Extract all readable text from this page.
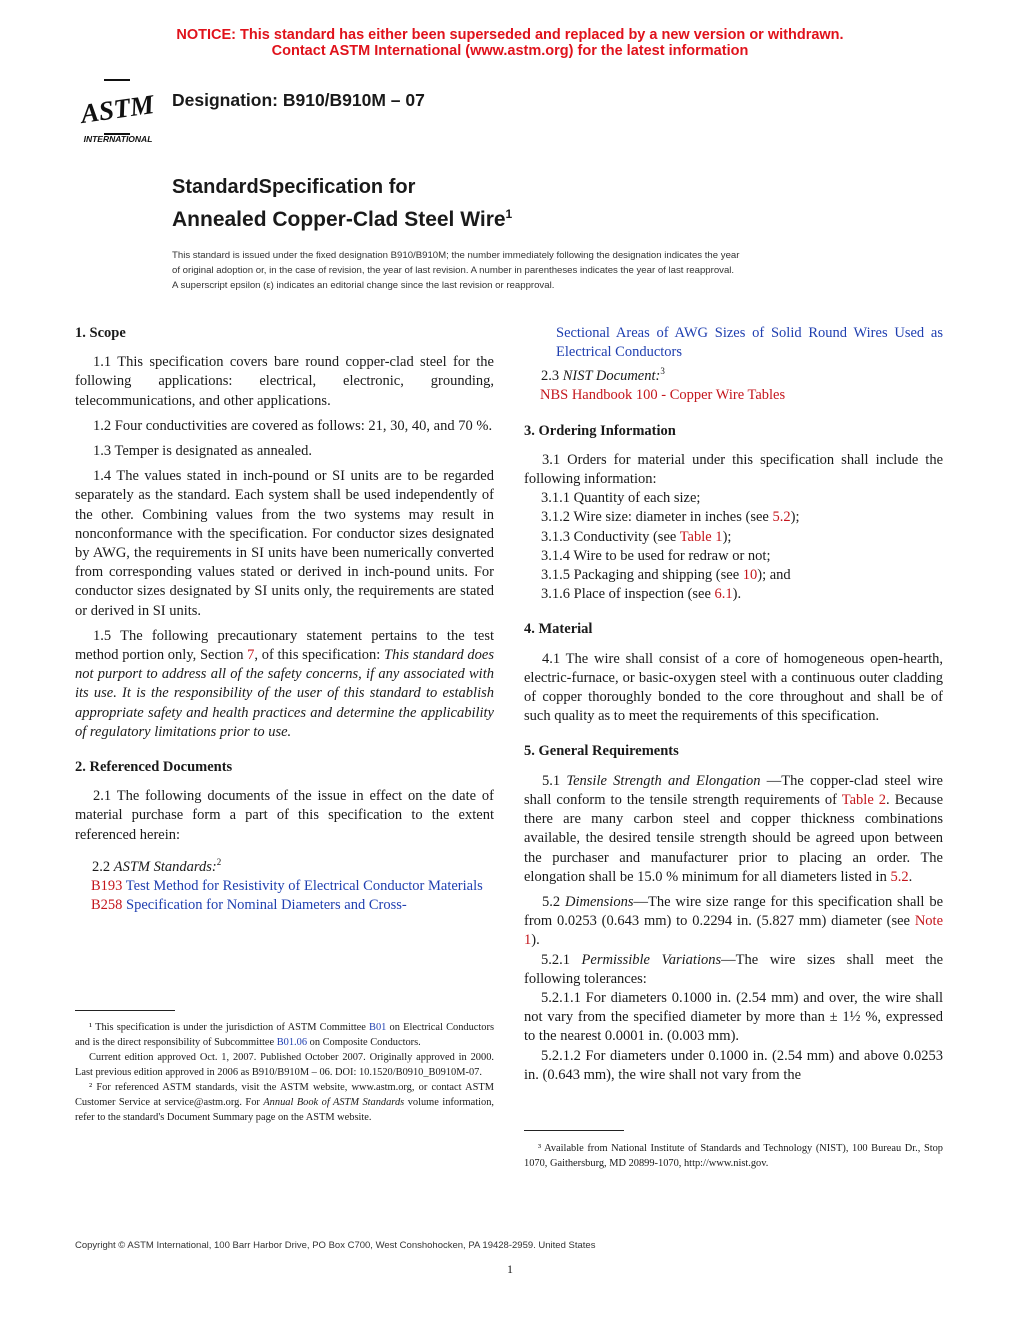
NOTICE: This standard has either been superseded and replaced by a new version or withdrawn.
Contact ASTM International (www.astm.org) for the latest information
ASTM
INTERNATIONAL
Designation: B910/B910M – 07
StandardSpecification for
Annealed Copper-Clad Steel Wire$^1$
This standard is issued under the fixed designation B910/B910M; the number immediately following the designation indicates the year
of original adoption or, in the case of revision, the year of last revision. A number in parentheses indicates the year of last reapproval.
A superscript epsilon (ε) indicates an editorial change since the last revision or reapproval.

1. Scope

1.1 This specification covers bare round copper-clad steel for the following applications: electrical, electronic, grounding, telecommunications, and other applications.

1.2 Four conductivities are covered as follows: 21, 30, 40, and 70 %.

1.3 Temper is designated as annealed.

1.4 The values stated in inch-pound or SI units are to be regarded separately as the standard. Each system shall be used independently of the other. Combining values from the two systems may result in nonconformance with the specification. For conductor sizes designated by AWG, the requirements in SI units have been numerically converted from corresponding values stated or derived in inch-pound units. For conductor sizes designated by SI units only, the requirements are stated or derived in SI units.

1.5 The following precautionary statement pertains to the test method portion only, Section 7, of this specification: This standard does not purport to address all of the safety concerns, if any associated with its use. It is the responsibility of the user of this standard to establish appropriate safety and health practices and determine the applicability of regulatory limitations prior to use.

2. Referenced Documents

2.1 The following documents of the issue in effect on the date of material purchase form a part of this specification to the extent referenced herein:

2.2 ASTM Standards:$^2$

B193 Test Method for Resistivity of Electrical Conductor Materials

B258 Specification for Nominal Diameters and Cross-

¹ This specification is under the jurisdiction of ASTM Committee B01 on Electrical Conductors and is the direct responsibility of Subcommittee B01.06 on Composite Conductors.

Current edition approved Oct. 1, 2007. Published October 2007. Originally approved in 2000. Last previous edition approved in 2006 as B910/B910M – 06. DOI: 10.1520/B0910_B0910M-07.

² For referenced ASTM standards, visit the ASTM website, www.astm.org, or contact ASTM Customer Service at service@astm.org. For Annual Book of ASTM Standards volume information, refer to the standard's Document Summary page on the ASTM website.

Sectional Areas of AWG Sizes of Solid Round Wires Used as Electrical Conductors

2.3 NIST Document:$^3$

NBS Handbook 100 - Copper Wire Tables

3. Ordering Information

3.1 Orders for material under this specification shall include the following information:

3.1.1 Quantity of each size;

3.1.2 Wire size: diameter in inches (see 5.2);

3.1.3 Conductivity (see Table 1);

3.1.4 Wire to be used for redraw or not;

3.1.5 Packaging and shipping (see 10); and

3.1.6 Place of inspection (see 6.1).

4. Material

4.1 The wire shall consist of a core of homogeneous open-hearth, electric-furnace, or basic-oxygen steel with a continuous outer cladding of copper thoroughly bonded to the core throughout and shall be of such quality as to meet the requirements of this specification.

5. General Requirements

5.1 Tensile Strength and Elongation —The copper-clad steel wire shall conform to the tensile strength requirements of Table 2. Because there are many carbon steel and copper thickness combinations available, the desired tensile strength should be agreed upon between the purchaser and manufacturer prior to placing an order. The elongation shall be 15.0 % minimum for all diameters listed in 5.2.

5.2 Dimensions—The wire size range for this specification shall be from 0.0253 (0.643 mm) to 0.2294 in. (5.827 mm) diameter (see Note 1).

5.2.1 Permissible Variations—The wire sizes shall meet the following tolerances:

5.2.1.1 For diameters 0.1000 in. (2.54 mm) and over, the wire shall not vary from the specified diameter by more than ± 1½ %, expressed to the nearest 0.0001 in. (0.003 mm).

5.2.1.2 For diameters under 0.1000 in. (2.54 mm) and above 0.0253 in. (0.643 mm), the wire shall not vary from the

³ Available from National Institute of Standards and Technology (NIST), 100 Bureau Dr., Stop 1070, Gaithersburg, MD 20899-1070, http://www.nist.gov.
Copyright © ASTM International, 100 Barr Harbor Drive, PO Box C700, West Conshohocken, PA 19428-2959. United States
1
